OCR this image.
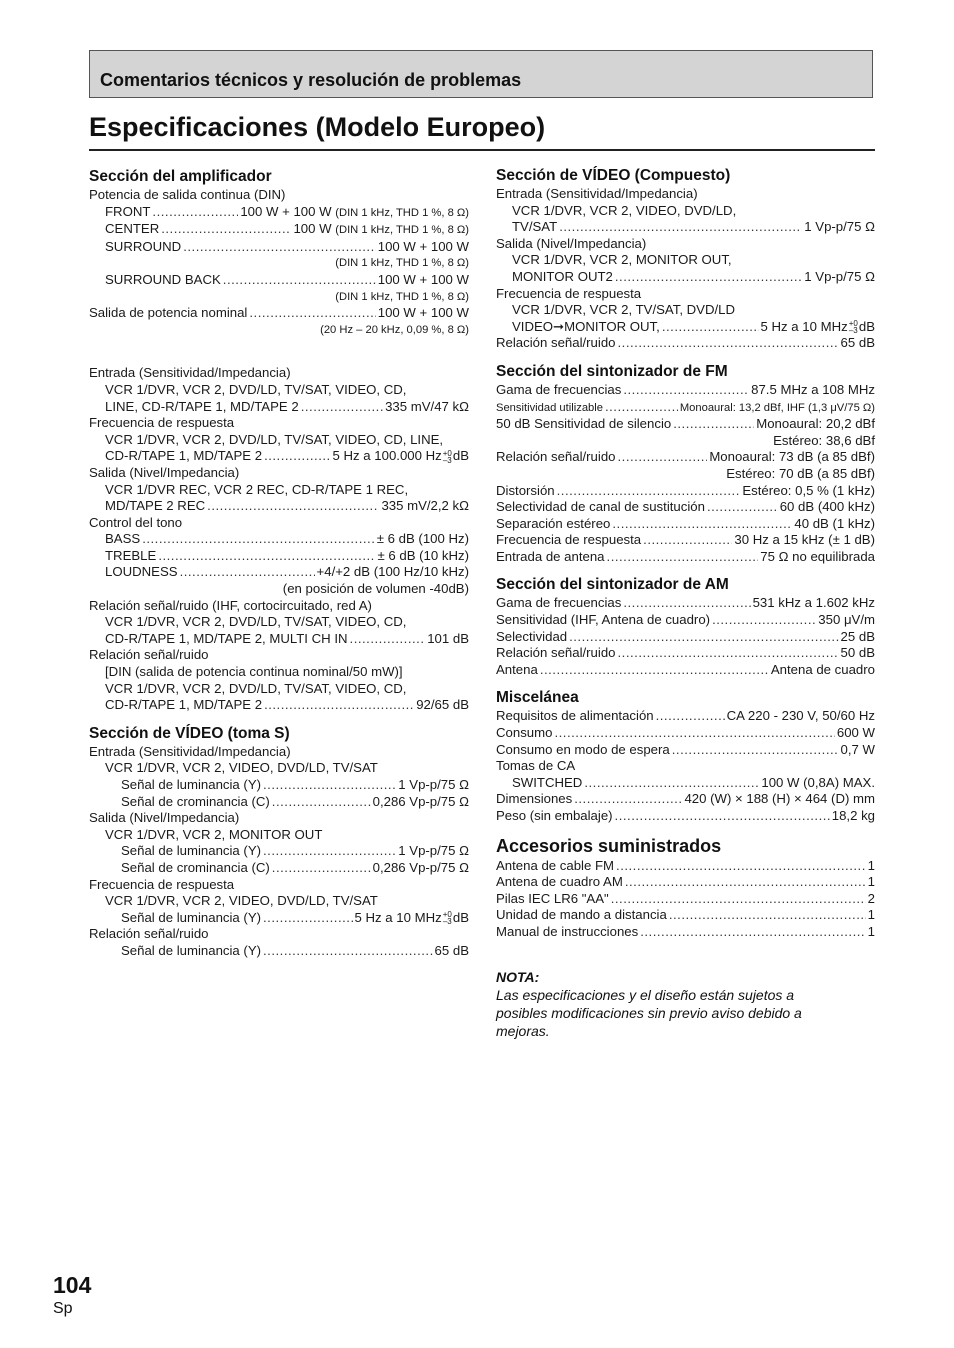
Comentarios técnicos y resolución de problemas
Especificaciones (Modelo Europeo)

Sección del amplificador

Potencia de salida continua (DIN)
FRONT .....	100 W + 100 W (DIN 1 kHz, THD 1 %, 8 Ω)
CENTER .....	100 W (DIN 1 kHz, THD 1 %, 8 Ω)
SURROUND .....	100 W + 100 W
(DIN 1 kHz, THD 1 %, 8 Ω)
SURROUND BACK .....	100 W + 100 W
(DIN 1 kHz, THD 1 %, 8 Ω)
Salida de potencia nominal .....	100 W + 100 W
(20 Hz – 20 kHz, 0,09 %, 8 Ω)
Entrada (Sensitividad/Impedancia)
VCR 1/DVR, VCR 2, DVD/LD, TV/SAT, VIDEO, CD,
LINE, CD-R/TAPE 1, MD/TAPE 2 .....	335 mV/47 kΩ
Frecuencia de respuesta
VCR 1/DVR, VCR 2, DVD/LD, TV/SAT, VIDEO, CD, LINE,
CD-R/TAPE 1, MD/TAPE 2 .....	5 Hz a 100.000 Hz+0
–3dB
Salida (Nivel/Impedancia)
VCR 1/DVR REC, VCR 2 REC, CD-R/TAPE 1 REC,
MD/TAPE 2 REC .....	335 mV/2,2 kΩ
Control del tono
BASS .....	± 6 dB (100 Hz)
TREBLE .....	± 6 dB (10 kHz)
LOUDNESS .....	+4/+2 dB (100 Hz/10 kHz)
(en posición de volumen -40dB)
Relación señal/ruido (IHF, cortocircuitado, red A)
VCR 1/DVR, VCR 2, DVD/LD, TV/SAT, VIDEO, CD,
CD-R/TAPE 1, MD/TAPE 2, MULTI CH IN .....	101 dB
Relación señal/ruido
[DIN (salida de potencia continua nominal/50 mW)]
VCR 1/DVR, VCR 2, DVD/LD, TV/SAT, VIDEO, CD,
CD-R/TAPE 1, MD/TAPE 2 .....	92/65 dB

Sección de VÍDEO (toma S)

Entrada (Sensitividad/Impedancia)
VCR 1/DVR, VCR 2, VIDEO, DVD/LD, TV/SAT
Señal de luminancia (Y) .....	1 Vp-p/75 Ω
Señal de crominancia (C) .....	0,286 Vp-p/75 Ω
Salida (Nivel/Impedancia)
VCR 1/DVR, VCR 2, MONITOR OUT
Señal de luminancia (Y) .....	1 Vp-p/75 Ω
Señal de crominancia (C) .....	0,286 Vp-p/75 Ω
Frecuencia de respuesta
VCR 1/DVR, VCR 2, VIDEO, DVD/LD, TV/SAT
Señal de luminancia (Y) .....	5 Hz a 10 MHz+0
–3dB
Relación señal/ruido
Señal de luminancia (Y) .....	65 dB

Sección de VÍDEO (Compuesto)

Entrada (Sensitividad/Impedancia)
VCR 1/DVR, VCR 2, VIDEO, DVD/LD,
TV/SAT .....	1 Vp-p/75 Ω
Salida (Nivel/Impedancia)
VCR 1/DVR, VCR 2, MONITOR OUT,
MONITOR OUT2 .....	1 Vp-p/75 Ω
Frecuencia de respuesta
VCR 1/DVR, VCR 2, TV/SAT, DVD/LD
VIDEO➞MONITOR OUT, .....	5 Hz a 10 MHz+0
–3dB
Relación señal/ruido .....	65 dB

Sección del sintonizador de FM

Gama de frecuencias .....	87.5 MHz a 108 MHz
Sensitividad utilizable .....	Monoaural: 13,2 dBf, IHF (1,3 μV/75 Ω)
50 dB Sensitividad de silencio .....	Monoaural: 20,2 dBf
Estéreo: 38,6 dBf
Relación señal/ruido .....	Monoaural: 73 dB (a 85 dBf)
Estéreo: 70 dB (a 85 dBf)
Distorsión .....	Estéreo: 0,5 % (1 kHz)
Selectividad de canal de sustitución .....	60 dB (400 kHz)
Separación estéreo .....	40 dB (1 kHz)
Frecuencia de respuesta .....	30 Hz a 15 kHz (± 1 dB)
Entrada de antena .....	75 Ω no equilibrada

Sección del sintonizador de AM

Gama de frecuencias .....	531 kHz a 1.602 kHz
Sensitividad (IHF, Antena de cuadro) .....	350 μV/m
Selectividad .....	25 dB
Relación señal/ruido .....	50 dB
Antena .....	Antena de cuadro

Miscelánea

Requisitos de alimentación .....	CA 220 - 230 V, 50/60 Hz
Consumo .....	600 W
Consumo en modo de espera .....	0,7 W
Tomas de CA
SWITCHED .....	100 W (0,8A) MAX.
Dimensiones .....	420 (W) × 188 (H) × 464 (D) mm
Peso (sin embalaje) .....	18,2 kg

Accesorios suministrados

Antena de cable FM .....	1
Antena de cuadro AM .....	1
Pilas IEC LR6 "AA" .....	2
Unidad de mando a distancia .....	1
Manual de instrucciones .....	1
NOTA:
Las especificaciones y el diseño están sujetos a
posibles modificaciones sin previo aviso debido a
mejoras.
104
Sp
